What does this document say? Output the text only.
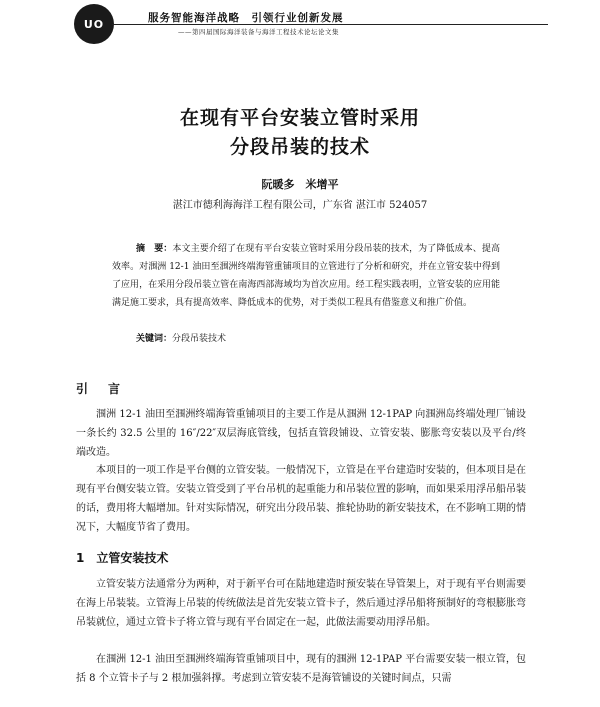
UO	服务智能海洋战略　引领行业创新发展
——第四届国际海洋装备与海洋工程技术论坛论文集
在现有平台安装立管时采用
分段吊装的技术
阮暖多　米增平
湛江市德利海海洋工程有限公司，广东省 湛江市 524057

摘　要：本文主要介绍了在现有平台安装立管时采用分段吊装的技术，为了降低成本、提高效率。对涠洲 12-1 油田至涠洲终端海管重铺项目的立管进行了分析和研究，并在立管安装中得到了应用，在采用分段吊装立管在南海西部海域均为首次应用。经工程实践表明，立管安装的应用能满足施工要求，具有提高效率、降低成本的优势，对于类似工程具有借鉴意义和推广价值。

关键词：分段吊装技术
引　言

涠洲 12-1 油田至涠洲终端海管重铺项目的主要工作是从涠洲 12-1PAP 向涠洲岛终端处理厂铺设一条长约 32.5 公里的 16″/22″双层海底管线，包括直管段铺设、立管安装、膨胀弯安装以及平台/终端改造。

本项目的一项工作是平台侧的立管安装。一般情况下，立管是在平台建造时安装的，但本项目是在现有平台侧安装立管。安装立管受到了平台吊机的起重能力和吊装位置的影响，而如果采用浮吊船吊装的话，费用将大幅增加。针对实际情况，研究出分段吊装、推轮协助的新安装技术，在不影响工期的情况下，大幅度节省了费用。

1　立管安装技术

立管安装方法通常分为两种，对于新平台可在陆地建造时预安装在导管架上，对于现有平台则需要在海上吊装装。立管海上吊装的传统做法是首先安装立管卡子，然后通过浮吊船将预制好的弯根膨胀弯吊装就位，通过立管卡子将立管与现有平台固定在一起，此做法需要动用浮吊船。

在涠洲 12-1 油田至涠洲终端海管重铺项目中，现有的涠洲 12-1PAP 平台需要安装一根立管，包括 8 个立管卡子与 2 根加强斜撑。考虑到立管安装不是海管铺设的关键时间点，只需
